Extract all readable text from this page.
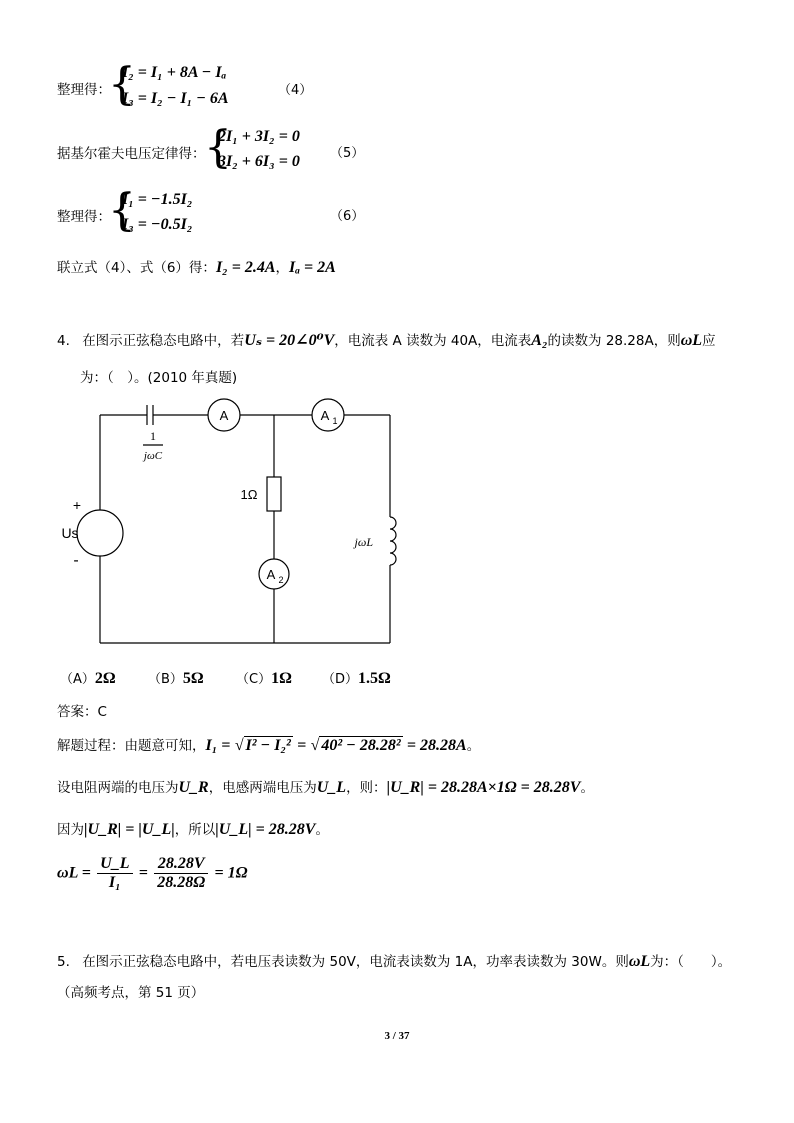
整理得：
{
I₂ = I₁ + 8A − Iₐ
I₃ = I₂ − I₁ − 6A	（4）
据基尔霍夫电压定律得：
{
2I₁ + 3I₂ = 0
3I₂ + 6I₃ = 0 （5）
整理得：
{
I₁ = −1.5I₂
I₃ = −0.5I₂	（6）
联立式（4）、式（6）得：I₂ = 2.4A，Iₐ = 2A
4. 在图示正弦稳态电路中，若Uₛ = 20∠0⁰V，电流表 A 读数为 40A，电流表A₂的读数为 28.28A，则ωL应
为：（　）。(2010 年真题)
1
jωC
A	A 1
A 2
1Ω
Us
+
-
jωL
（A）2Ω （B）5Ω （C）1Ω （D）1.5Ω
答案：C
解题过程：由题意可知，I₁ = √ I² − I₂² = √ 40² − 28.28² = 28.28A。
设电阻两端的电压为U_R，电感两端电压为U_L，则：|U_R| = 28.28A×1Ω = 28.28V。
因为|U_R| = |U_L|，所以|U_L| = 28.28V。
$\omega L = \frac{U\_L}{\text{I₁}} = \frac{28.28V}{28.28\Omega} = 1\Omega$
5. 在图示正弦稳态电路中，若电压表读数为 50V，电流表读数为 1A，功率表读数为 30W。则ωL为：（　　）。
（高频考点，第 51 页）
3 / 37
